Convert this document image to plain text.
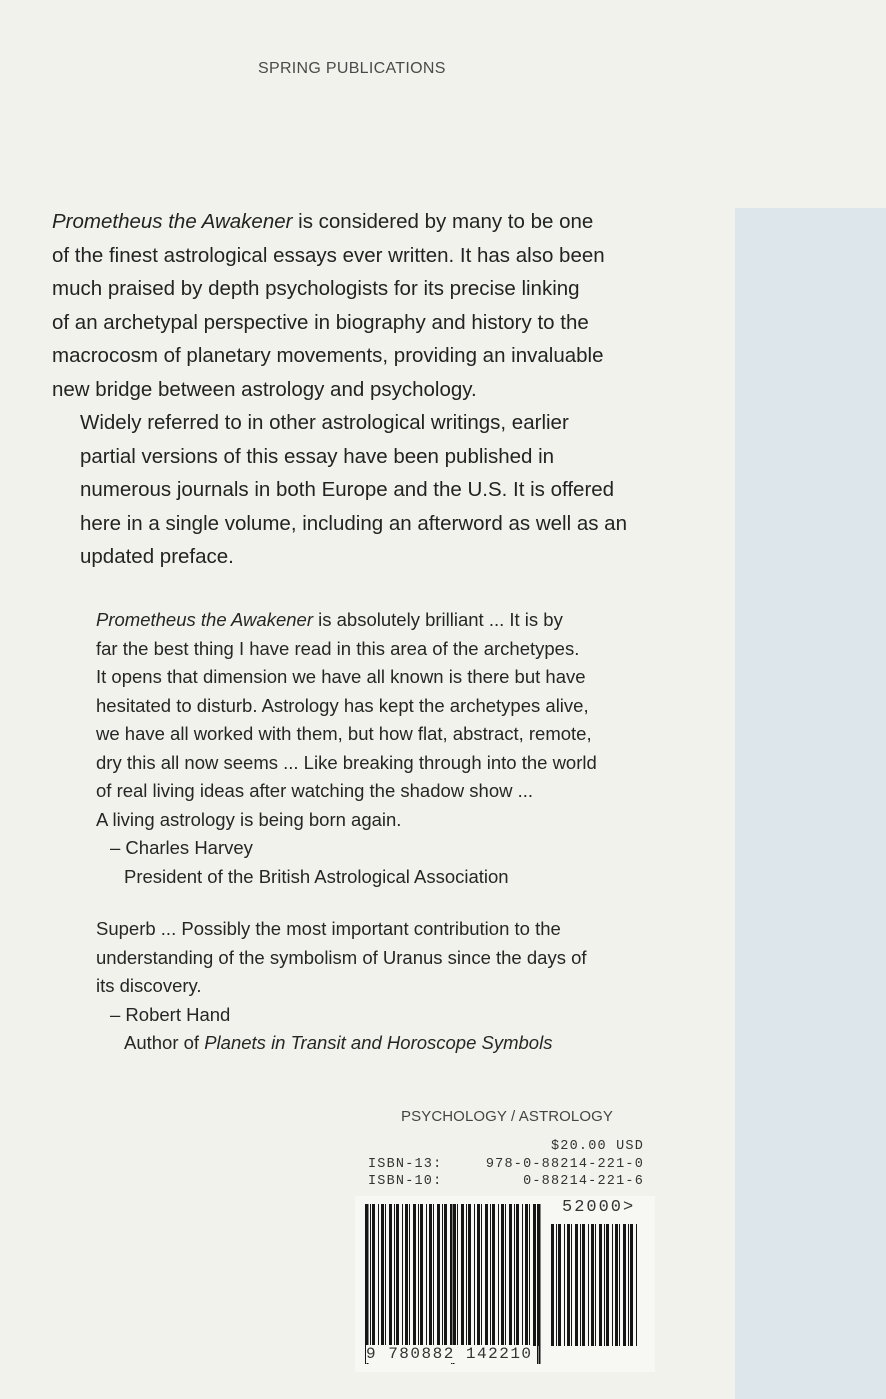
SPRING PUBLICATIONS

Prometheus the Awakener is considered by many to be one
of the finest astrological essays ever written. It has also been
much praised by depth psychologists for its precise linking
of an archetypal perspective in biography and history to the
macrocosm of planetary movements, providing an invaluable
new bridge between astrology and psychology.

Widely referred to in other astrological writings, earlier
partial versions of this essay have been published in
numerous journals in both Europe and the U.S. It is offered
here in a single volume, including an afterword as well as an
updated preface.

Prometheus the Awakener is absolutely brilliant ... It is by
far the best thing I have read in this area of the archetypes.
It opens that dimension we have all known is there but have
hesitated to disturb. Astrology has kept the archetypes alive,
we have all worked with them, but how flat, abstract, remote,
dry this all now seems ... Like breaking through into the world
of real living ideas after watching the shadow show ...
A living astrology is being born again.
– Charles Harvey
President of the British Astrological Association
Superb ... Possibly the most important contribution to the
understanding of the symbolism of Uranus since the days of
its discovery.
– Robert Hand
Author of Planets in Transit and Horoscope Symbols
PSYCHOLOGY / ASTROLOGY
$20.00 USD
ISBN-13:	978-0-88214-221-0
ISBN-10:	0-88214-221-6
52000>
9 780882 142210
